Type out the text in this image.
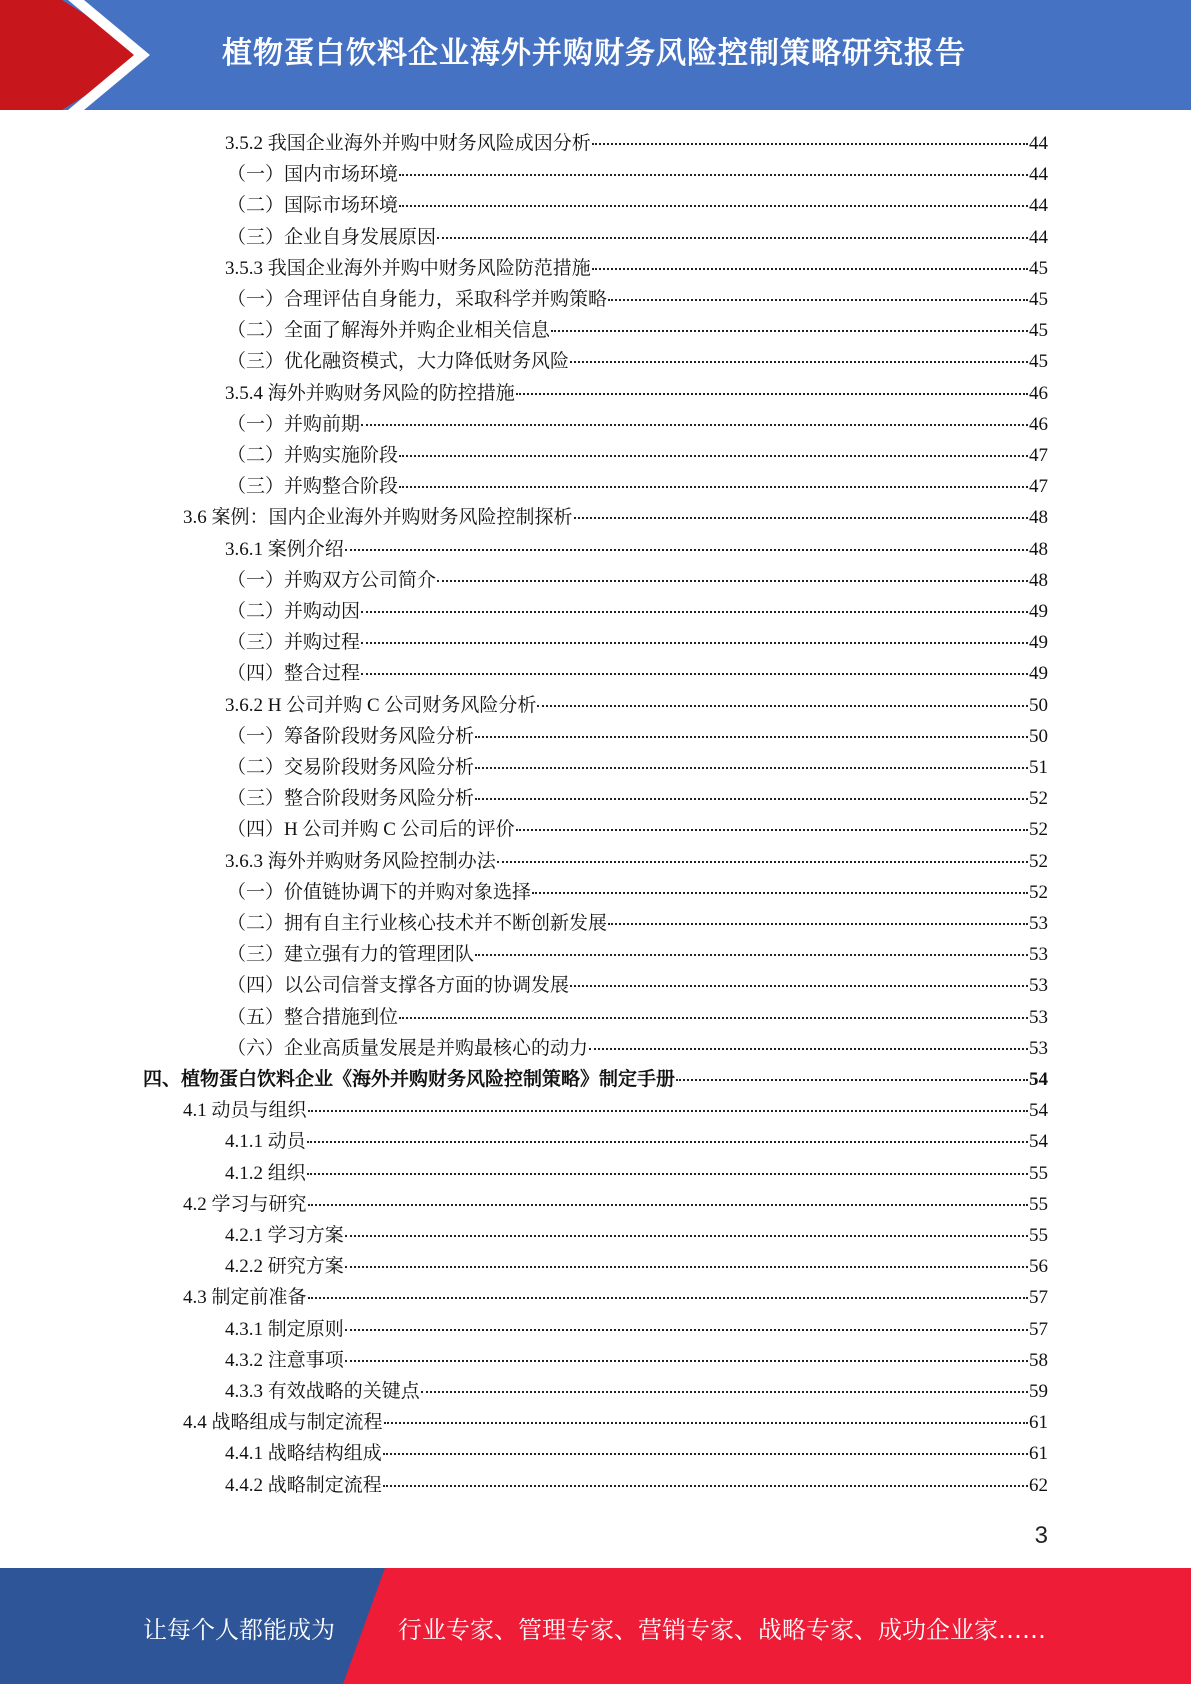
植物蛋白饮料企业海外并购财务风险控制策略研究报告
3.5.2 我国企业海外并购中财务风险成因分析	44
（一）国内市场环境	44
（二）国际市场环境	44
（三）企业自身发展原因	44
3.5.3 我国企业海外并购中财务风险防范措施	45
（一）合理评估自身能力，采取科学并购策略	45
（二）全面了解海外并购企业相关信息	45
（三）优化融资模式，大力降低财务风险	45
3.5.4 海外并购财务风险的防控措施	46
（一）并购前期	46
（二）并购实施阶段	47
（三）并购整合阶段	47
3.6 案例：国内企业海外并购财务风险控制探析	48
3.6.1 案例介绍	48
（一）并购双方公司简介	48
（二）并购动因	49
（三）并购过程	49
（四）整合过程	49
3.6.2 H 公司并购 C 公司财务风险分析	50
（一）筹备阶段财务风险分析	50
（二）交易阶段财务风险分析	51
（三）整合阶段财务风险分析	52
（四）H 公司并购 C 公司后的评价	52
3.6.3 海外并购财务风险控制办法	52
（一）价值链协调下的并购对象选择	52
（二）拥有自主行业核心技术并不断创新发展	53
（三）建立强有力的管理团队	53
（四）以公司信誉支撑各方面的协调发展	53
（五）整合措施到位	53
（六）企业高质量发展是并购最核心的动力	53
四、植物蛋白饮料企业《海外并购财务风险控制策略》制定手册	54
4.1 动员与组织	54
4.1.1 动员	54
4.1.2 组织	55
4.2 学习与研究	55
4.2.1 学习方案	55
4.2.2 研究方案	56
4.3 制定前准备	57
4.3.1 制定原则	57
4.3.2 注意事项	58
4.3.3 有效战略的关键点	59
4.4 战略组成与制定流程	61
4.4.1 战略结构组成	61
4.4.2 战略制定流程	62
3
让每个人都能成为	行业专家、管理专家、营销专家、战略专家、成功企业家……
